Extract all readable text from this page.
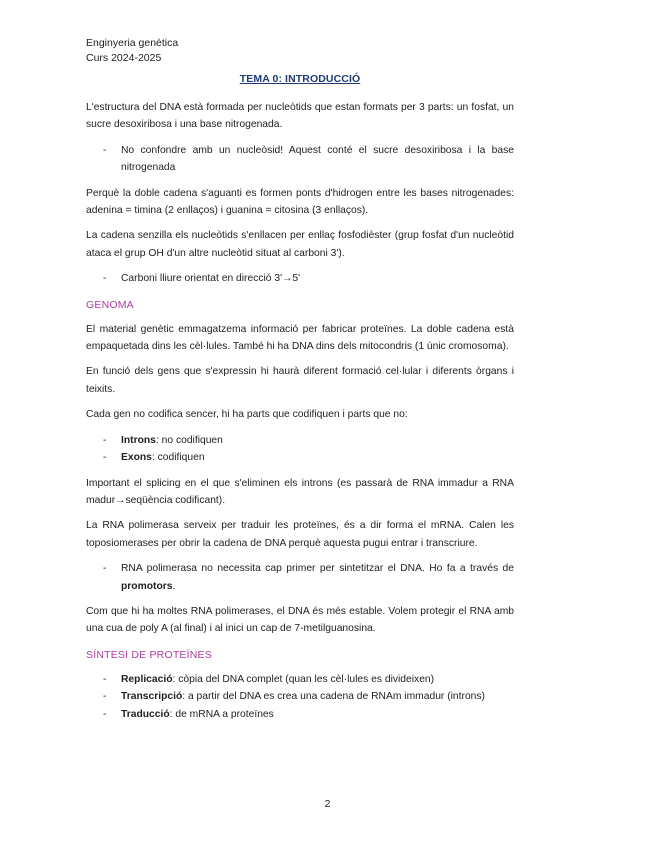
Enginyeria genètica
Curs 2024-2025
TEMA 0: INTRODUCCIÓ

L'estructura del DNA està formada per nucleòtids que estan formats per 3 parts: un fosfat, un sucre desoxiribosa i una base nitrogenada.

- No confondre amb un nucleòsid! Aquest conté el sucre desoxiribosa i la base nitrogenada

Perquè la doble cadena s'aguanti es formen ponts d'hidrogen entre les bases nitrogenades: adenina = timina (2 enllaços) i guanina = citosina (3 enllaços).

La cadena senzilla els nucleòtids s'enllacen per enllaç fosfodièster (grup fosfat d'un nucleòtid ataca el grup OH d'un altre nucleòtid situat al carboni 3').

- Carboni lliure orientat en direcció 3'→5'
GENOMA

El material genètic emmagatzema informació per fabricar proteïnes. La doble cadena està empaquetada dins les cèl·lules. També hi ha DNA dins dels mitocondris (1 únic cromosoma).

En funció dels gens que s'expressin hi haurà diferent formació cel·lular i diferents òrgans i teixits.

Cada gen no codifica sencer, hi ha parts que codifiquen i parts que no:

- Introns: no codifiquen
- Exons: codifiquen

Important el splicing en el que s'eliminen els introns (es passarà de RNA immadur a RNA madur→seqüència codificant).

La RNA polimerasa serveix per traduir les proteïnes, és a dir forma el mRNA. Calen les toposiomerases per obrir la cadena de DNA perquè aquesta pugui entrar i transcriure.

- RNA polimerasa no necessita cap primer per sintetitzar el DNA. Ho fa a través de promotors.

Com que hi ha moltes RNA polimerases, el DNA és més estable. Volem protegir el RNA amb una cua de poly A (al final) i al inici un cap de 7-metilguanosina.

SÍNTESI DE PROTEÏNES
- Replicació: còpia del DNA complet (quan les cèl·lules es divideixen)
- Transcripció: a partir del DNA es crea una cadena de RNAm immadur (introns)
- Traducció: de mRNA a proteïnes
2
